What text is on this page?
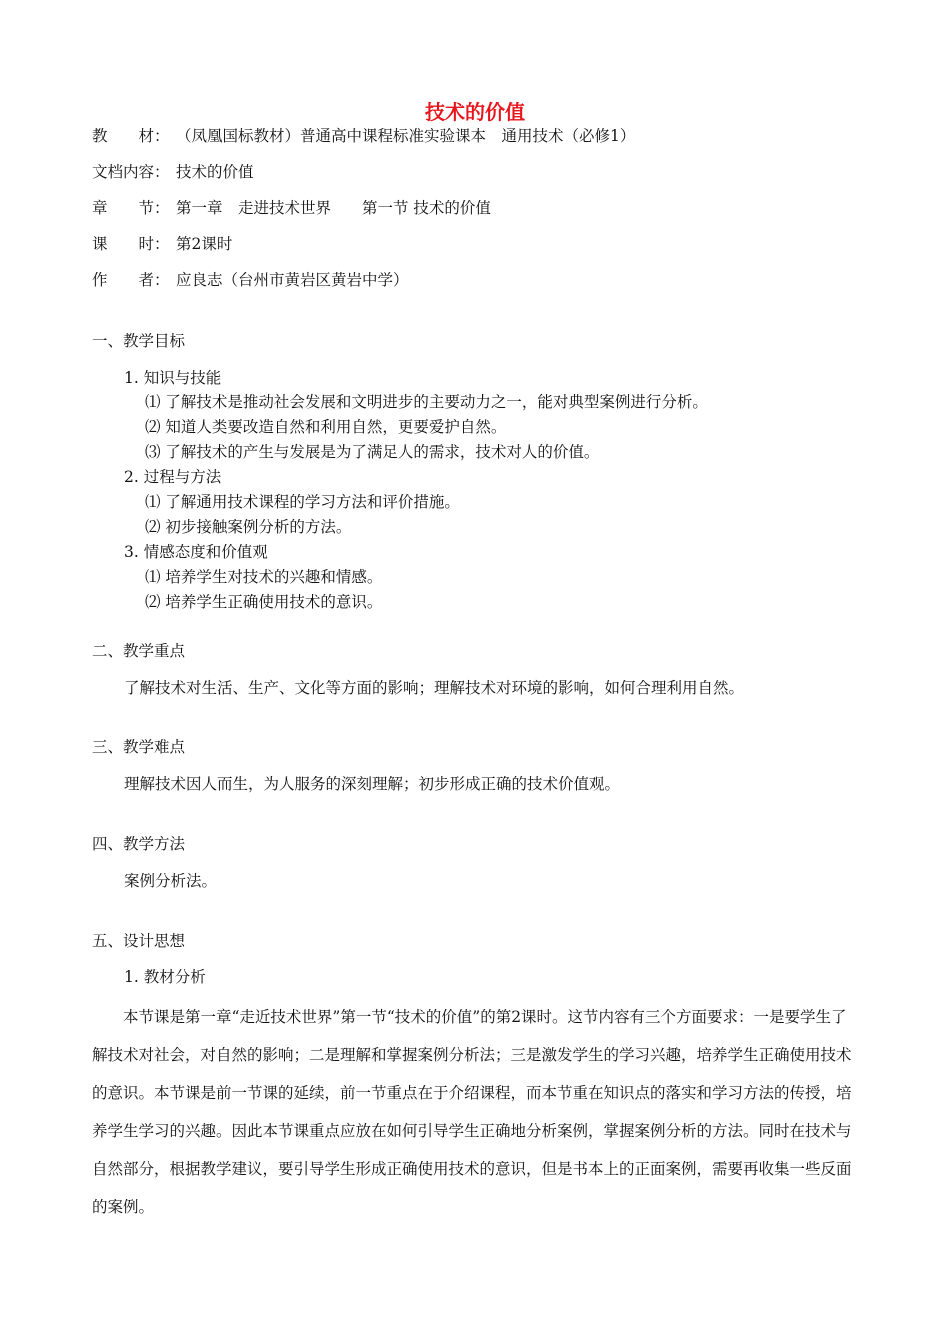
技术的价值
教　　材： （凤凰国标教材）普通高中课程标准实验课本　通用技术（必修1）
文档内容： 技术的价值
章　　节： 第一章　走进技术世界　　第一节 技术的价值
课　　时： 第2课时
作　　者： 应良志（台州市黄岩区黄岩中学）
一、教学目标
1. 知识与技能
⑴ 了解技术是推动社会发展和文明进步的主要动力之一，能对典型案例进行分析。
⑵ 知道人类要改造自然和利用自然，更要爱护自然。
⑶ 了解技术的产生与发展是为了满足人的需求，技术对人的价值。
2. 过程与方法
⑴ 了解通用技术课程的学习方法和评价措施。
⑵ 初步接触案例分析的方法。
3. 情感态度和价值观
⑴ 培养学生对技术的兴趣和情感。
⑵ 培养学生正确使用技术的意识。
二、教学重点
了解技术对生活、生产、文化等方面的影响；理解技术对环境的影响，如何合理利用自然。
三、教学难点
理解技术因人而生，为人服务的深刻理解；初步形成正确的技术价值观。
四、教学方法
案例分析法。
五、设计思想
1. 教材分析
本节课是第一章“走近技术世界”第一节“技术的价值”的第2课时。这节内容有三个方面要求：一是要学生了解技术对社会，对自然的影响；二是理解和掌握案例分析法；三是激发学生的学习兴趣，培养学生正确使用技术的意识。本节课是前一节课的延续，前一节重点在于介绍课程，而本节重在知识点的落实和学习方法的传授，培养学生学习的兴趣。因此本节课重点应放在如何引导学生正确地分析案例，掌握案例分析的方法。同时在技术与自然部分，根据教学建议，要引导学生形成正确使用技术的意识，但是书本上的正面案例，需要再收集一些反面的案例。
